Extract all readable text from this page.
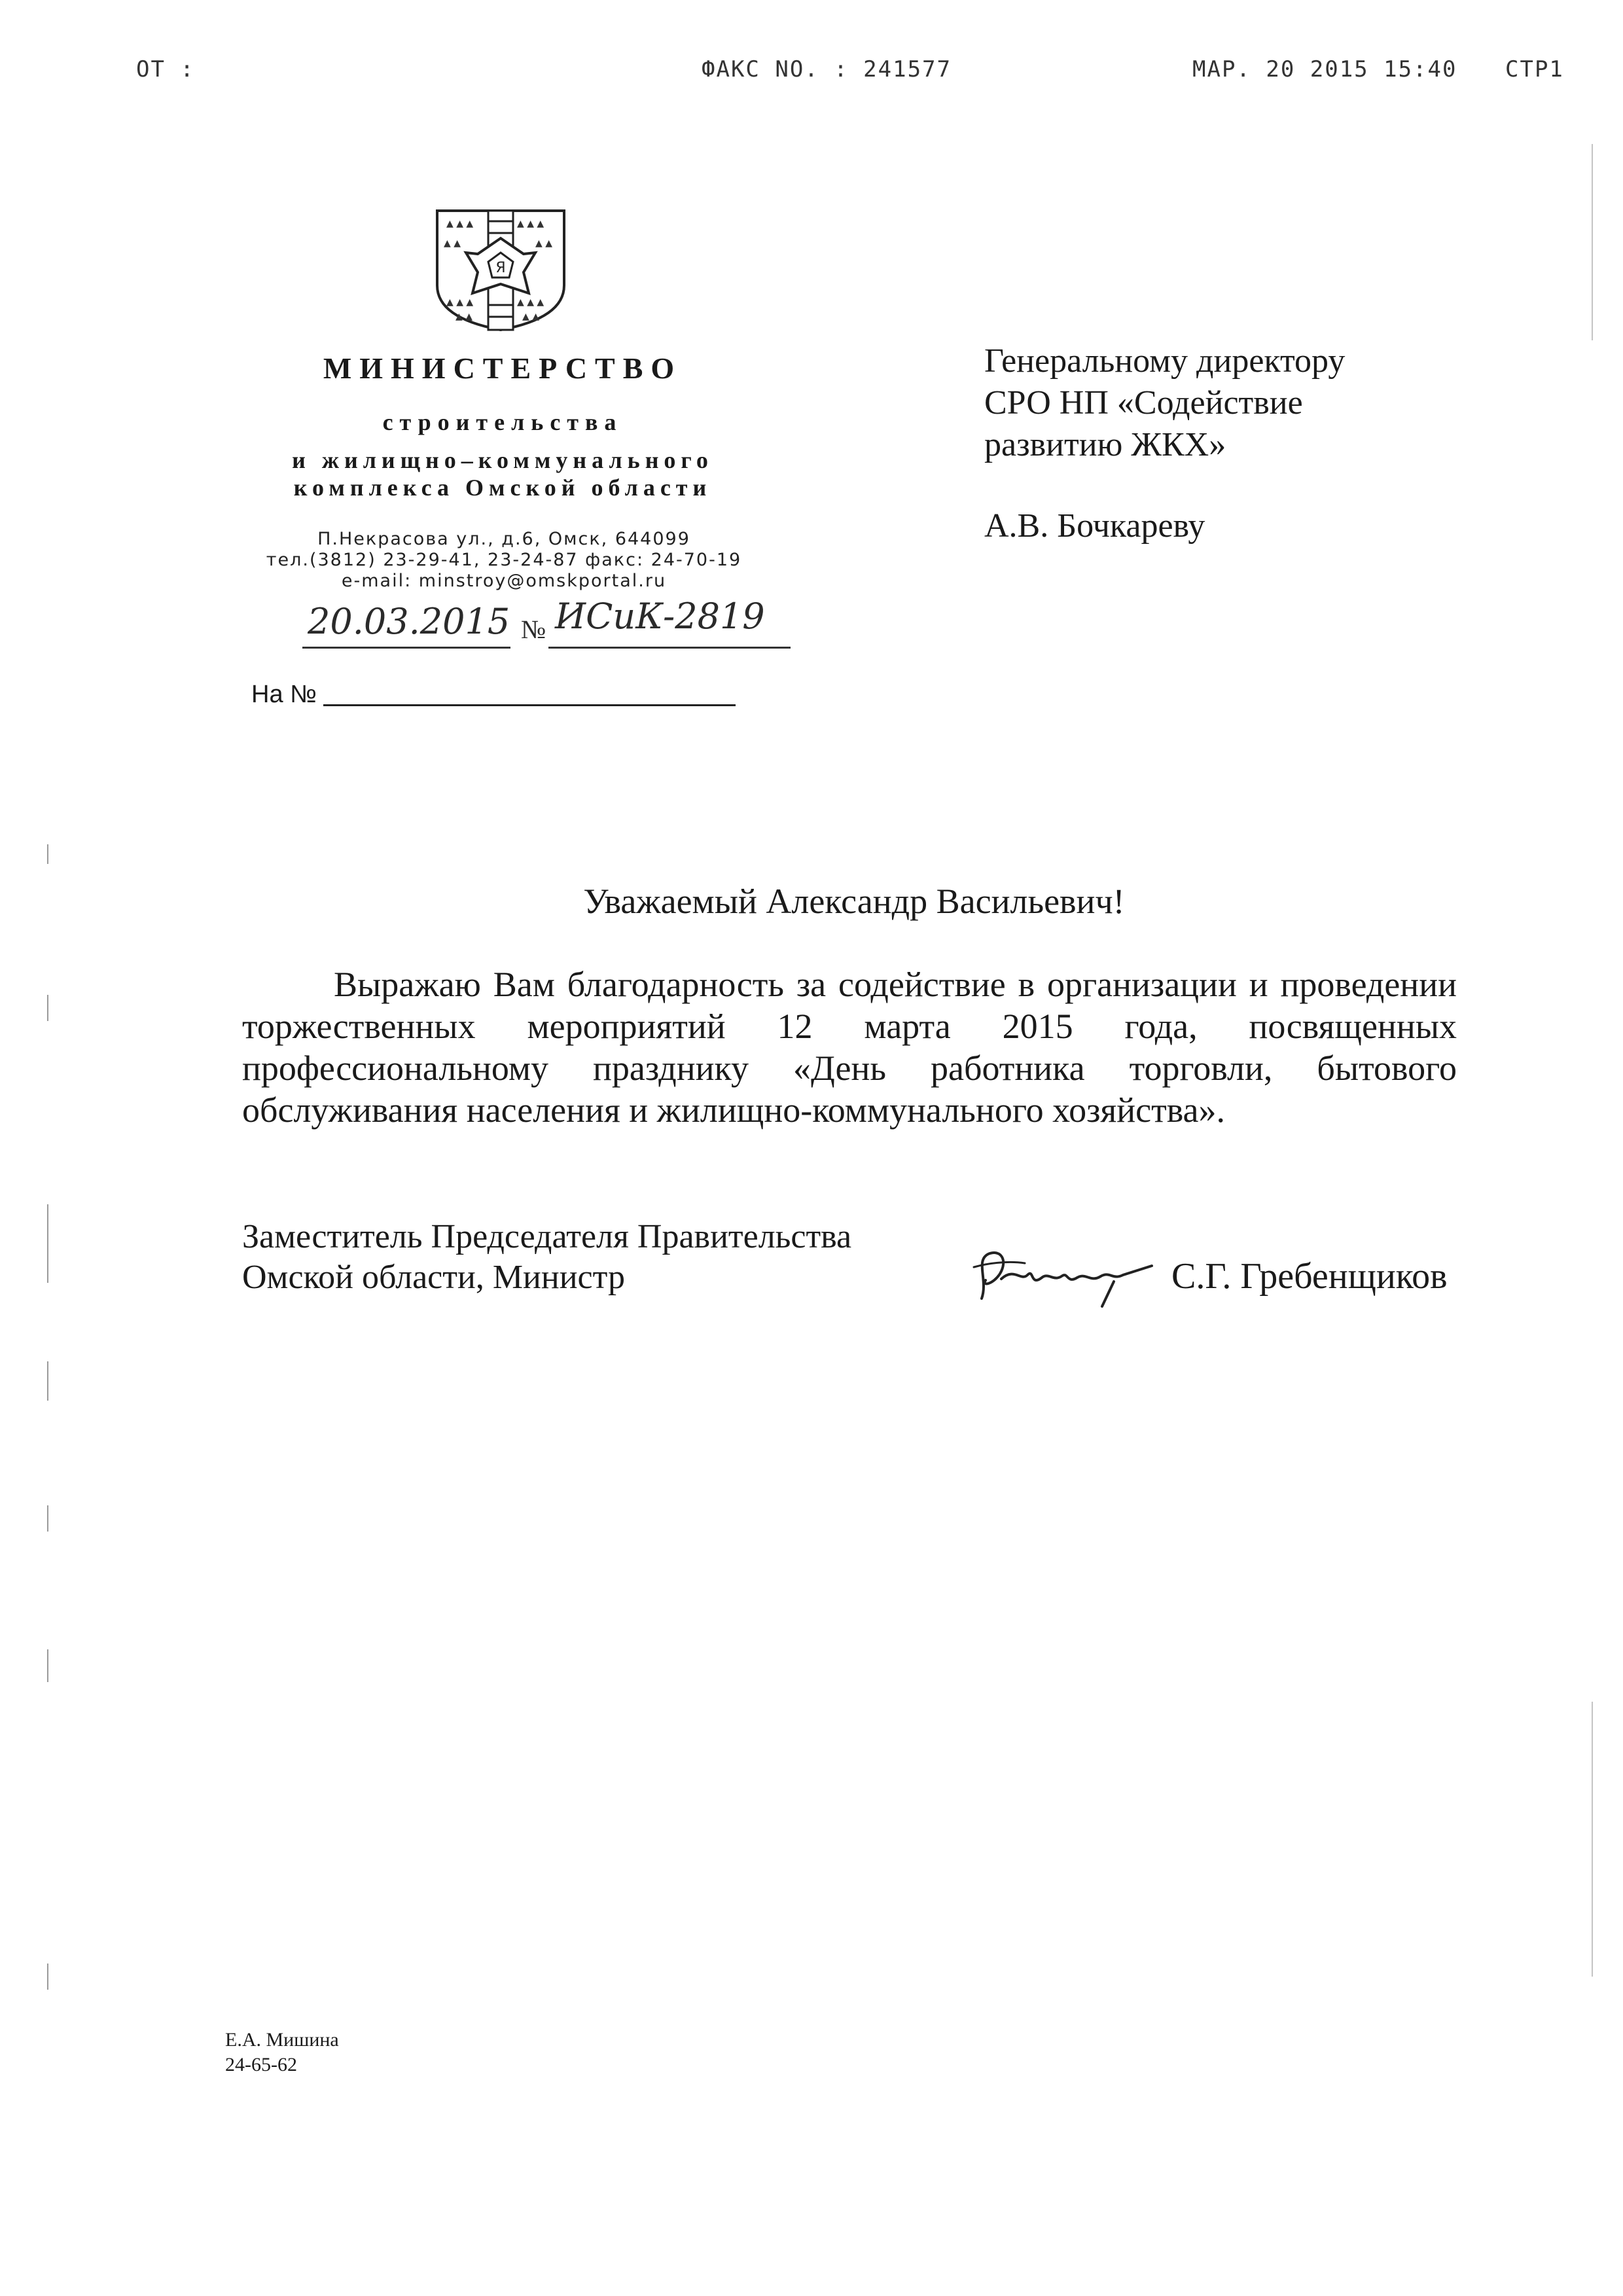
ОТ :	ФАКС NO. : 241577	МАР. 20 2015 15:40 СТР1
Я
▲ ▲ ▲	▲ ▲ ▲
▲ ▲	▲ ▲
▲ ▲ ▲	▲ ▲ ▲
▲ ▲	▲ ▲
МИНИСТЕРСТВО
строительства
и жилищно–коммунального
комплекса Омской области
П.Некрасова ул., д.6, Омск, 644099
тел.(3812) 23-29-41, 23-24-87 факс: 24-70-19
e-mail: minstroy@omskportal.ru
20.03.2015 № ИСиК-2819
На №
Генеральному директору
СРО НП «Содействие
развитию ЖКХ»
А.В. Бочкареву
Уважаемый Александр Васильевич!
Выражаю Вам благодарность за содействие в организации и проведении торжественных мероприятий 12 марта 2015 года, посвященных профессиональному празднику «День работника торговли, бытового обслуживания населения и жилищно-коммунального хозяйства».
Заместитель Председателя Правительства
Омской области, Министр	С.Г. Гребенщиков
Е.А. Мишина
24-65-62
